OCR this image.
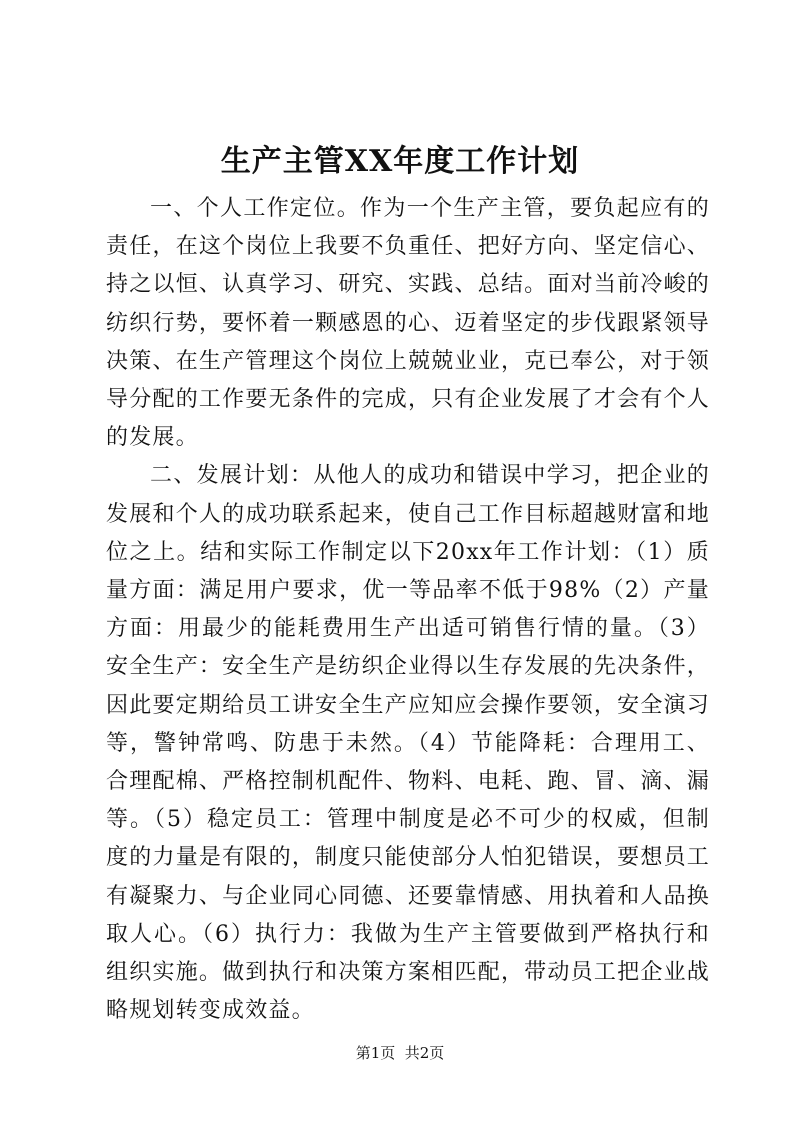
生产主管XX年度工作计划

一、个人工作定位。作为一个生产主管，要负起应有的责任，在这个岗位上我要不负重任、把好方向、坚定信心、持之以恒、认真学习、研究、实践、总结。面对当前冷峻的纺织行势，要怀着一颗感恩的心、迈着坚定的步伐跟紧领导决策、在生产管理这个岗位上兢兢业业，克已奉公，对于领导分配的工作要无条件的完成，只有企业发展了才会有个人的发展。

二、发展计划：从他人的成功和错误中学习，把企业的发展和个人的成功联系起来，使自己工作目标超越财富和地位之上。结和实际工作制定以下20xx年工作计划：（1）质量方面：满足用户要求，优一等品率不低于98%（2）产量方面：用最少的能耗费用生产出适可销售行情的量。（3）安全生产：安全生产是纺织企业得以生存发展的先决条件，因此要定期给员工讲安全生产应知应会操作要领，安全演习等，警钟常鸣、防患于未然。（4）节能降耗：合理用工、合理配棉、严格控制机配件、物料、电耗、跑、冒、滴、漏等。（5）稳定员工：管理中制度是必不可少的权威，但制度的力量是有限的，制度只能使部分人怕犯错误，要想员工有凝聚力、与企业同心同德、还要靠情感、用执着和人品换取人心。（6）执行力：我做为生产主管要做到严格执行和组织实施。做到执行和决策方案相匹配，带动员工把企业战略规划转变成效益。

第1页  共2页
